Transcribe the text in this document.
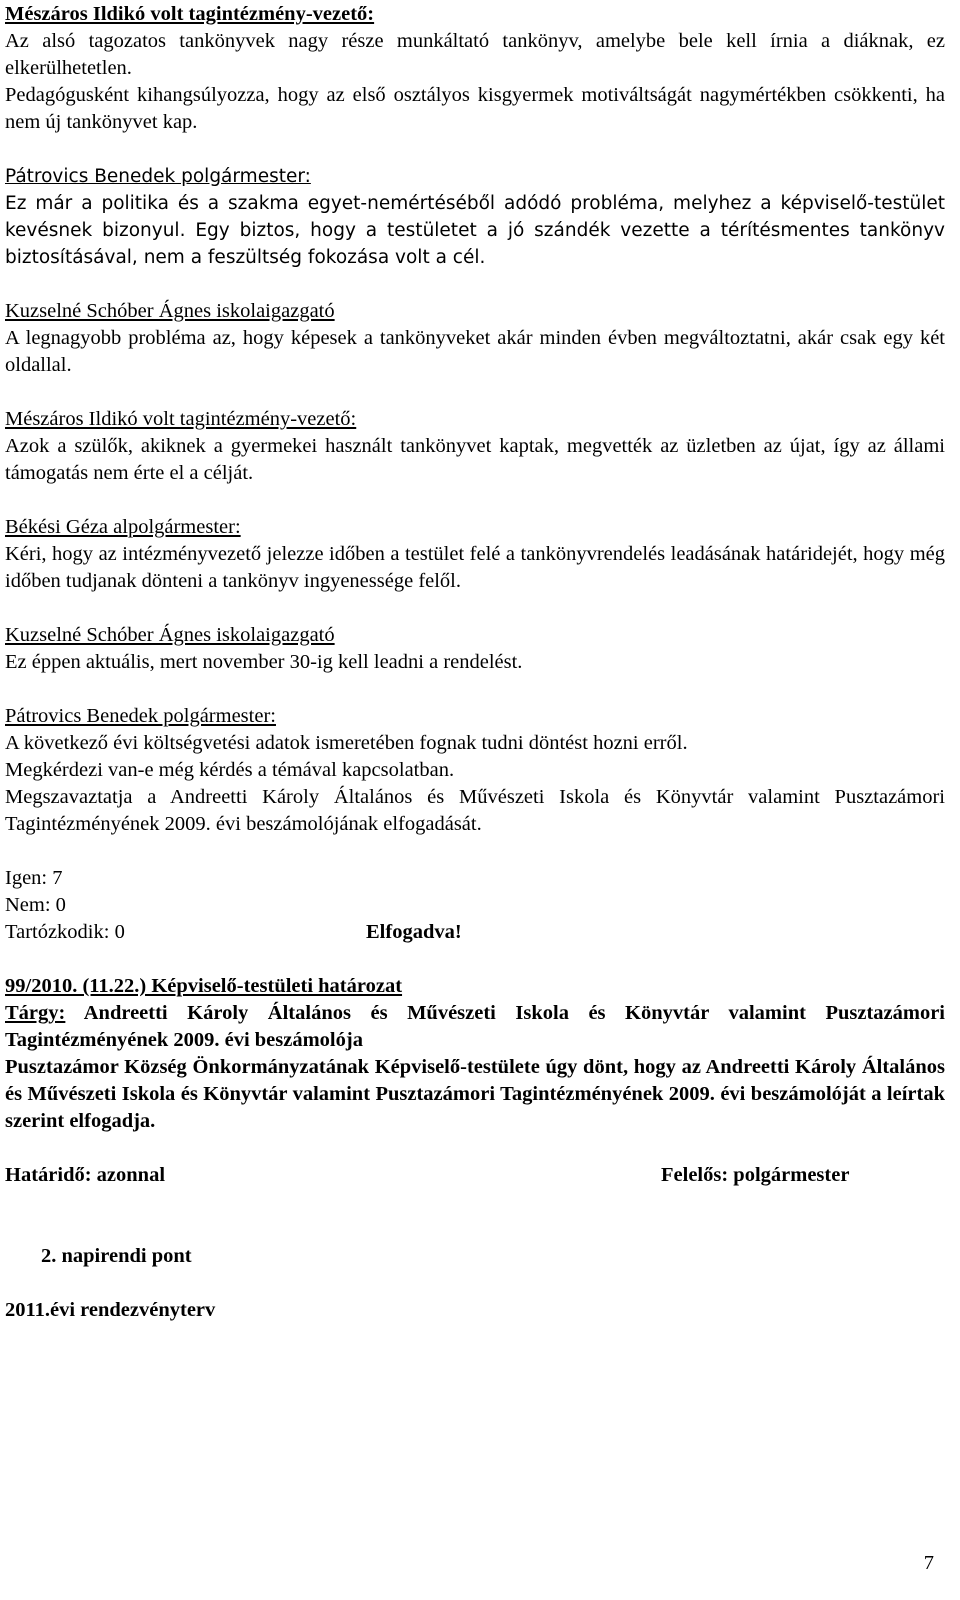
Mészáros Ildikó volt tagintézmény-vezető:

Az alsó tagozatos tankönyvek nagy része munkáltató tankönyv, amelybe bele kell írnia a diáknak, ez elkerülhetetlen.

Pedagógusként kihangsúlyozza, hogy az első osztályos kisgyermek motiváltságát nagymértékben csökkenti, ha nem új tankönyvet kap.

Pátrovics Benedek polgármester:

Ez már a politika és a szakma egyet-nemértéséből adódó probléma, melyhez a képviselő-testület kevésnek bizonyul. Egy biztos, hogy a testületet a jó szándék vezette a térítésmentes tankönyv biztosításával, nem a feszültség fokozása volt a cél.

Kuzselné Schóber Ágnes iskolaigazgató

A legnagyobb probléma az, hogy képesek a tankönyveket akár minden évben megváltoztatni, akár csak egy két oldallal.

Mészáros Ildikó volt tagintézmény-vezető:

Azok a szülők, akiknek a gyermekei használt tankönyvet kaptak, megvették az üzletben az újat, így az állami támogatás nem érte el a célját.

Békési Géza alpolgármester:

Kéri, hogy az intézményvezető jelezze időben a testület felé a tankönyvrendelés leadásának határidejét, hogy még időben tudjanak dönteni a tankönyv ingyenessége felől.

Kuzselné Schóber Ágnes iskolaigazgató

Ez éppen aktuális, mert november 30-ig kell leadni a rendelést.

Pátrovics Benedek polgármester:

A következő évi költségvetési adatok ismeretében fognak tudni döntést hozni erről.

Megkérdezi van-e még kérdés a témával kapcsolatban.

Megszavaztatja a Andreetti Károly Általános és Művészeti Iskola és Könyvtár valamint Pusztazámori Tagintézményének 2009. évi beszámolójának elfogadását.

Igen: 7

Nem: 0

Tartózkodik: 0	Elfogadva!

99/2010. (11.22.) Képviselő-testületi határozat

Tárgy: Andreetti Károly Általános és Művészeti Iskola és Könyvtár valamint Pusztazámori Tagintézményének 2009. évi beszámolója

Pusztazámor Község Önkormányzatának Képviselő-testülete úgy dönt, hogy az Andreetti Károly Általános és Művészeti Iskola és Könyvtár valamint Pusztazámori Tagintézményének 2009. évi beszámolóját a leírtak szerint elfogadja.

Határidő: azonnal	Felelős: polgármester

2. napirendi pont

2011.évi rendezvényterv

7
